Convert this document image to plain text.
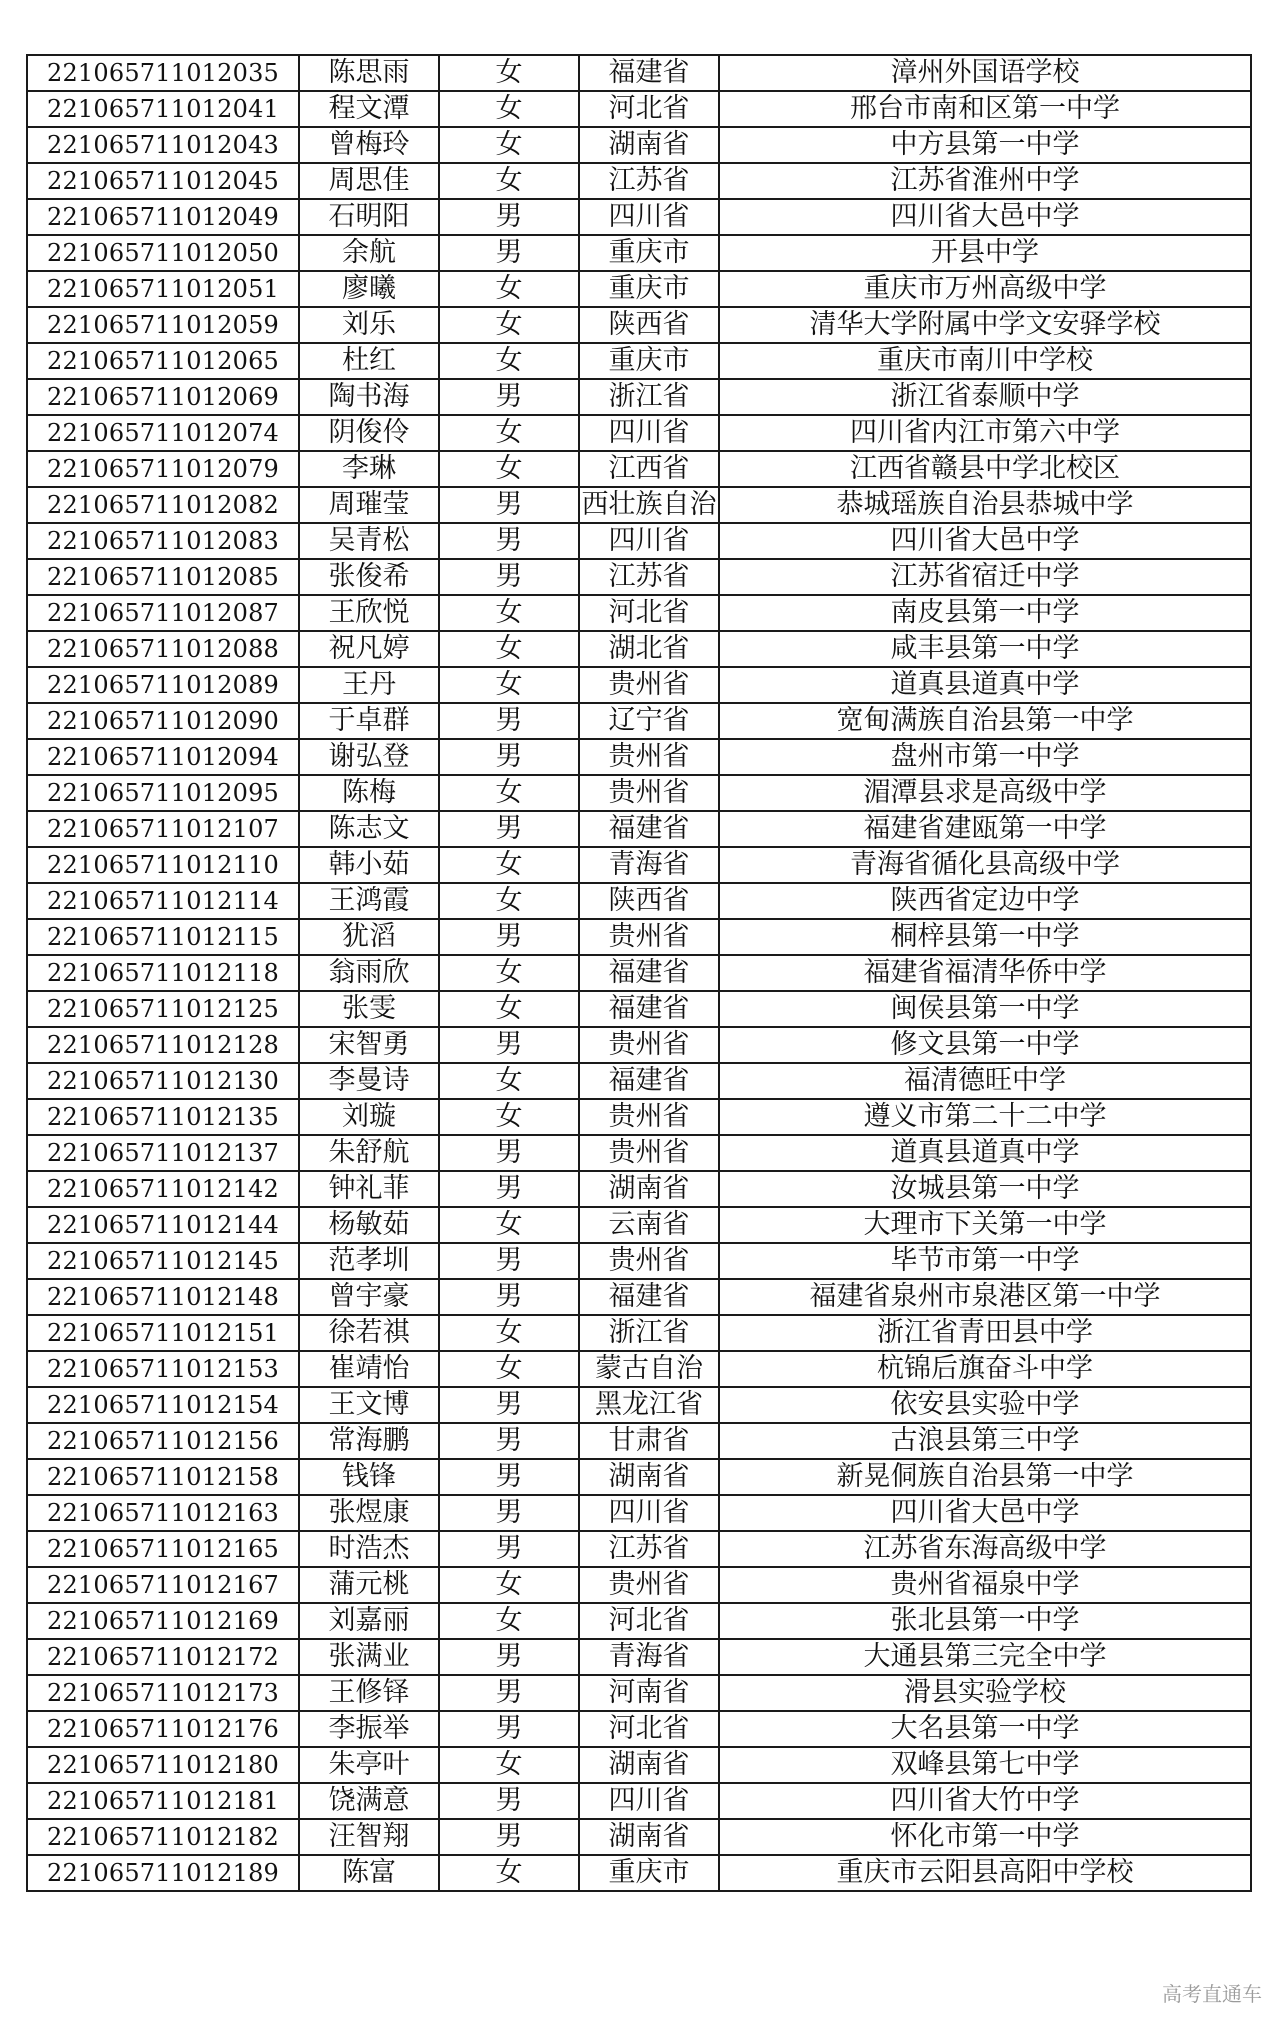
221065711012035	陈思雨	女	福建省	漳州外国语学校
221065711012041	程文潭	女	河北省	邢台市南和区第一中学
221065711012043	曾梅玲	女	湖南省	中方县第一中学
221065711012045	周思佳	女	江苏省	江苏省淮州中学
221065711012049	石明阳	男	四川省	四川省大邑中学
221065711012050	余航	男	重庆市	开县中学
221065711012051	廖曦	女	重庆市	重庆市万州高级中学
221065711012059	刘乐	女	陕西省	清华大学附属中学文安驿学校
221065711012065	杜红	女	重庆市	重庆市南川中学校
221065711012069	陶书海	男	浙江省	浙江省泰顺中学
221065711012074	阴俊伶	女	四川省	四川省内江市第六中学
221065711012079	李琳	女	江西省	江西省赣县中学北校区
221065711012082	周璀莹	男	西壮族自治	恭城瑶族自治县恭城中学
221065711012083	吴青松	男	四川省	四川省大邑中学
221065711012085	张俊希	男	江苏省	江苏省宿迁中学
221065711012087	王欣悦	女	河北省	南皮县第一中学
221065711012088	祝凡婷	女	湖北省	咸丰县第一中学
221065711012089	王丹	女	贵州省	道真县道真中学
221065711012090	于卓群	男	辽宁省	宽甸满族自治县第一中学
221065711012094	谢弘登	男	贵州省	盘州市第一中学
221065711012095	陈梅	女	贵州省	湄潭县求是高级中学
221065711012107	陈志文	男	福建省	福建省建瓯第一中学
221065711012110	韩小茹	女	青海省	青海省循化县高级中学
221065711012114	王鸿霞	女	陕西省	陕西省定边中学
221065711012115	犹滔	男	贵州省	桐梓县第一中学
221065711012118	翁雨欣	女	福建省	福建省福清华侨中学
221065711012125	张雯	女	福建省	闽侯县第一中学
221065711012128	宋智勇	男	贵州省	修文县第一中学
221065711012130	李曼诗	女	福建省	福清德旺中学
221065711012135	刘璇	女	贵州省	遵义市第二十二中学
221065711012137	朱舒航	男	贵州省	道真县道真中学
221065711012142	钟礼菲	男	湖南省	汝城县第一中学
221065711012144	杨敏茹	女	云南省	大理市下关第一中学
221065711012145	范孝圳	男	贵州省	毕节市第一中学
221065711012148	曾宇豪	男	福建省	福建省泉州市泉港区第一中学
221065711012151	徐若祺	女	浙江省	浙江省青田县中学
221065711012153	崔靖怡	女	蒙古自治	杭锦后旗奋斗中学
221065711012154	王文博	男	黑龙江省	依安县实验中学
221065711012156	常海鹏	男	甘肃省	古浪县第三中学
221065711012158	钱锋	男	湖南省	新晃侗族自治县第一中学
221065711012163	张煜康	男	四川省	四川省大邑中学
221065711012165	时浩杰	男	江苏省	江苏省东海高级中学
221065711012167	蒲元桃	女	贵州省	贵州省福泉中学
221065711012169	刘嘉丽	女	河北省	张北县第一中学
221065711012172	张满业	男	青海省	大通县第三完全中学
221065711012173	王修铎	男	河南省	滑县实验学校
221065711012176	李振举	男	河北省	大名县第一中学
221065711012180	朱亭叶	女	湖南省	双峰县第七中学
221065711012181	饶满意	男	四川省	四川省大竹中学
221065711012182	汪智翔	男	湖南省	怀化市第一中学
221065711012189	陈富	女	重庆市	重庆市云阳县高阳中学校
高考直通车
